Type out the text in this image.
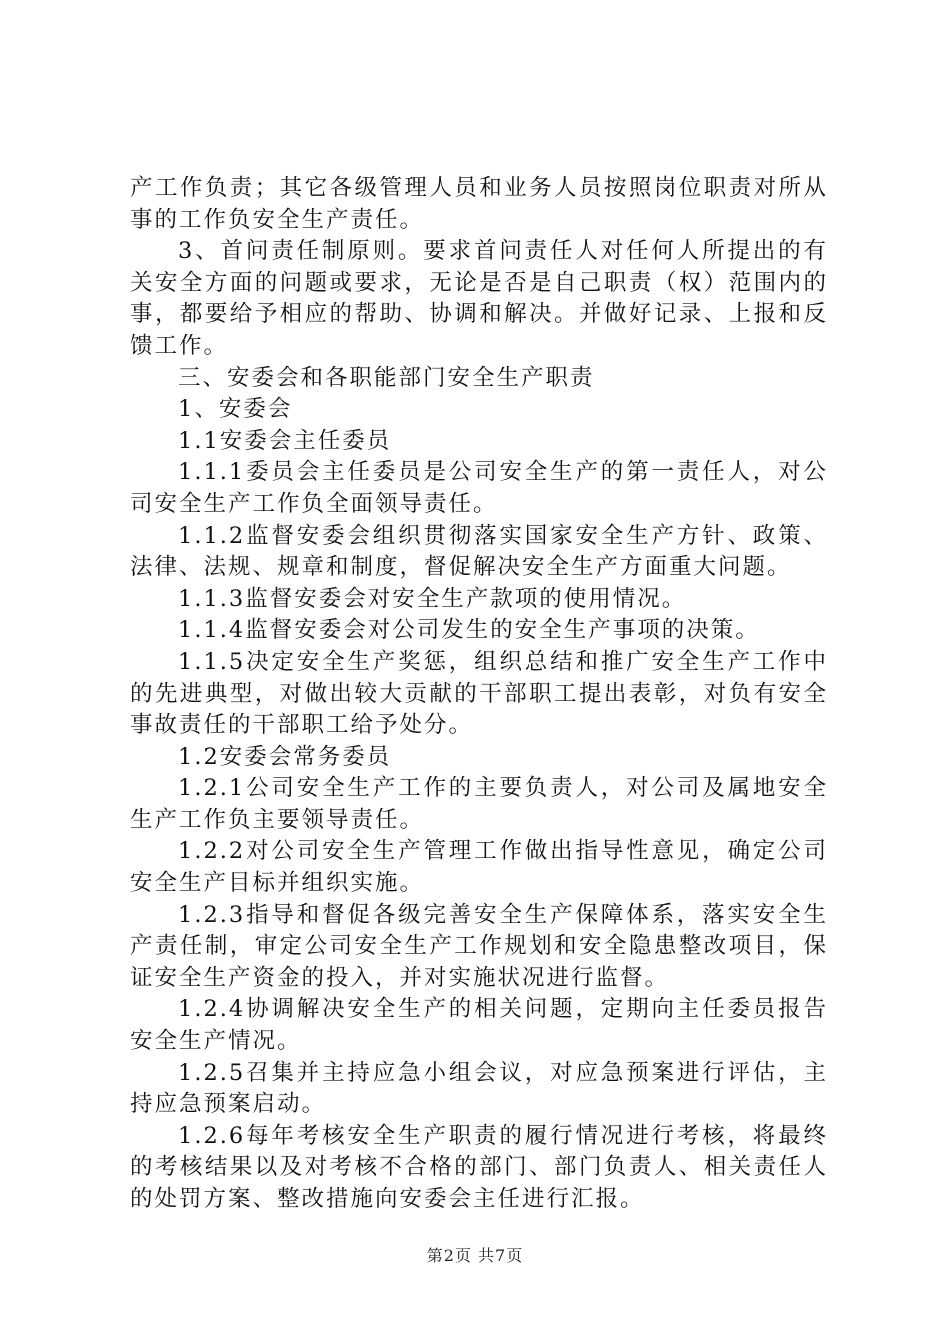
产工作负责；其它各级管理人员和业务人员按照岗位职责对所从事的工作负安全生产责任。

3、首问责任制原则。要求首问责任人对任何人所提出的有关安全方面的问题或要求，无论是否是自己职责（权）范围内的事，都要给予相应的帮助、协调和解决。并做好记录、上报和反馈工作。

三、安委会和各职能部门安全生产职责

1、安委会

1.1安委会主任委员

1.1.1委员会主任委员是公司安全生产的第一责任人，对公司安全生产工作负全面领导责任。

1.1.2监督安委会组织贯彻落实国家安全生产方针、政策、法律、法规、规章和制度，督促解决安全生产方面重大问题。

1.1.3监督安委会对安全生产款项的使用情况。

1.1.4监督安委会对公司发生的安全生产事项的决策。

1.1.5决定安全生产奖惩，组织总结和推广安全生产工作中的先进典型，对做出较大贡献的干部职工提出表彰，对负有安全事故责任的干部职工给予处分。

1.2安委会常务委员

1.2.1公司安全生产工作的主要负责人，对公司及属地安全生产工作负主要领导责任。

1.2.2对公司安全生产管理工作做出指导性意见，确定公司安全生产目标并组织实施。

1.2.3指导和督促各级完善安全生产保障体系，落实安全生产责任制，审定公司安全生产工作规划和安全隐患整改项目，保证安全生产资金的投入，并对实施状况进行监督。

1.2.4协调解决安全生产的相关问题，定期向主任委员报告安全生产情况。

1.2.5召集并主持应急小组会议，对应急预案进行评估，主持应急预案启动。

1.2.6每年考核安全生产职责的履行情况进行考核，将最终的考核结果以及对考核不合格的部门、部门负责人、相关责任人的处罚方案、整改措施向安委会主任进行汇报。

第2页 共7页
